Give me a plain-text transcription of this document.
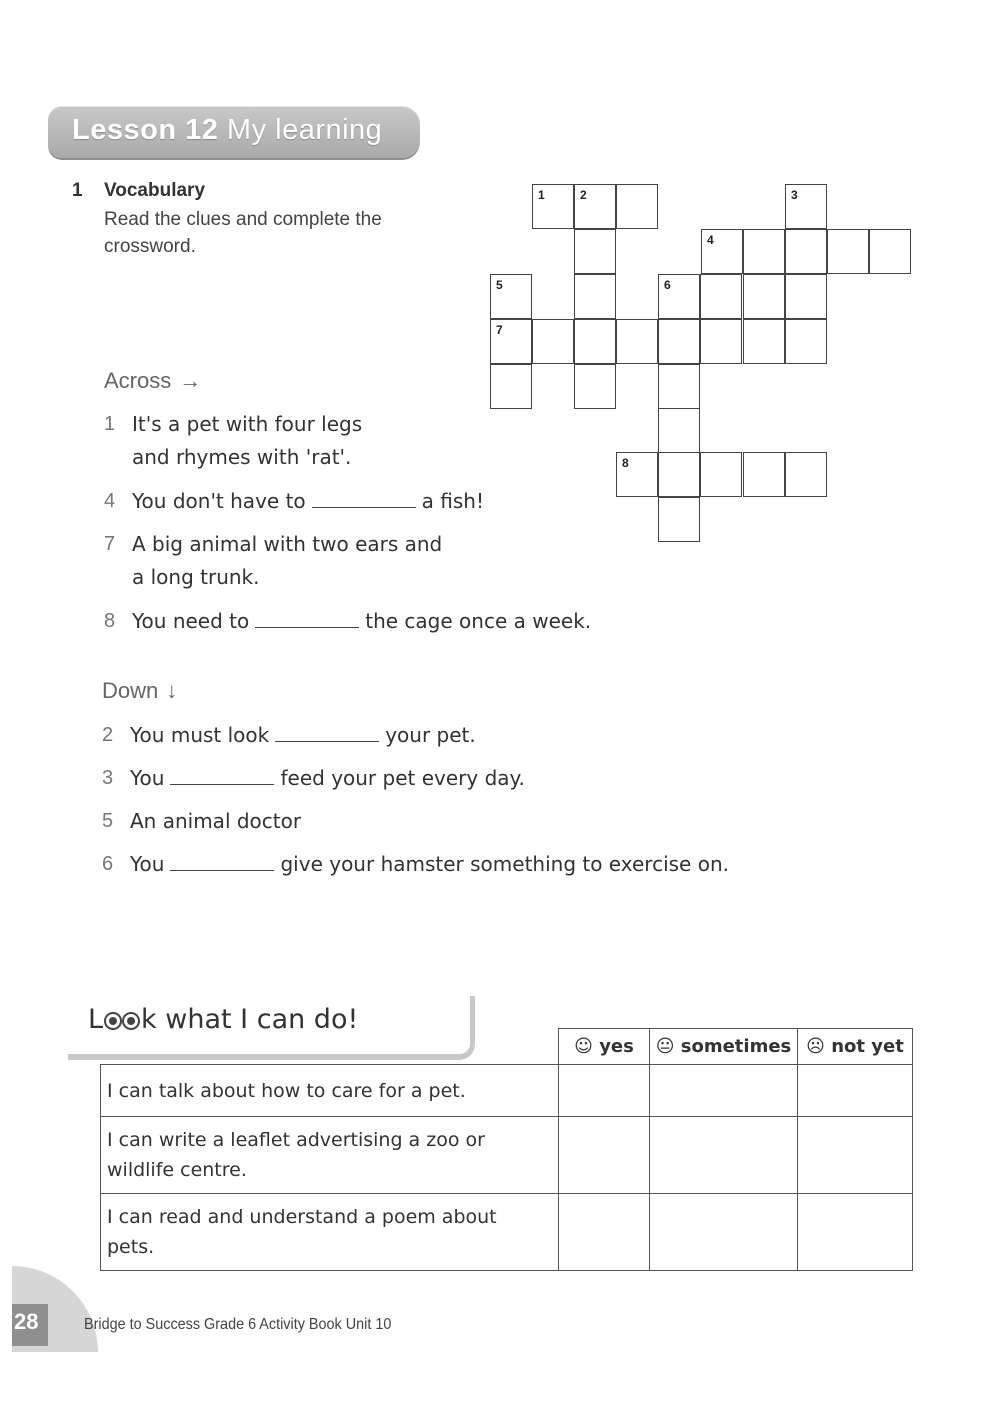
Lesson 12 My learning
1 Vocabulary
Read the clues and complete the crossword.
Across →
1 It's a pet with four legs
and rhymes with 'rat'.
4 You don't have to	a fish!
7 A big animal with two ears and
a long trunk.
8 You need to	the cage once a week.
Down ↓
2 You must look	your pet.
3 You	feed your pet every day.
5 An animal doctor
6 You	give your hamster something to exercise on.
1	2	3
4
5	6
7
8
L k what I can do!
	☺ yes	😐 sometimes	☹ not yet
I can talk about how to care for a pet.			
I can write a leaflet advertising a zoo or wildlife centre.			
I can read and understand a poem about pets.			
28	Bridge to Success Grade 6 Activity Book Unit 10
